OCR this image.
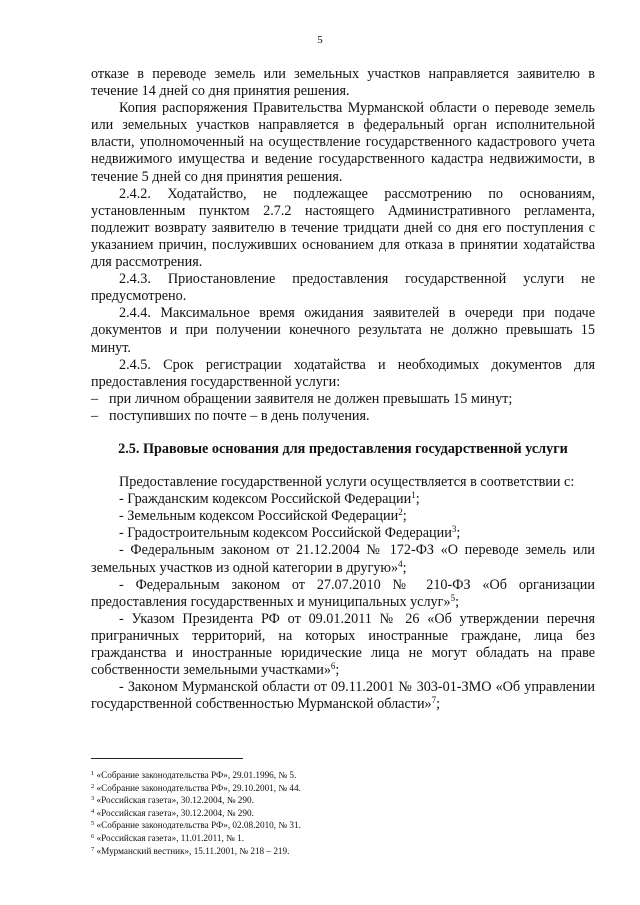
5

отказе в переводе земель или земельных участков направляется заявителю в течение 14 дней со дня принятия решения.

Копия распоряжения Правительства Мурманской области о переводе земель или земельных участков направляется в федеральный орган исполнительной власти, уполномоченный на осуществление государственного кадастрового учета недвижимого имущества и ведение государственного кадастра недвижимости, в течение 5 дней со дня принятия решения.

2.4.2. Ходатайство, не подлежащее рассмотрению по основаниям, установленным пунктом 2.7.2 настоящего Административного регламента, подлежит возврату заявителю в течение тридцати дней со дня его поступления с указанием причин, послуживших основанием для отказа в принятии ходатайства для рассмотрения.

2.4.3. Приостановление предоставления государственной услуги не предусмотрено.

2.4.4. Максимальное время ожидания заявителей в очереди при подаче документов и при получении конечного результата не должно превышать 15 минут.

2.4.5. Срок регистрации ходатайства и необходимых документов для предоставления государственной услуги:

– при личном обращении заявителя не должен превышать 15 минут;

– поступивших по почте – в день получения.

2.5. Правовые основания для предоставления государственной услуги

Предоставление государственной услуги осуществляется в соответствии с:

- Гражданским кодексом Российской Федерации$^1$;

- Земельным кодексом Российской Федерации$^2$;

- Градостроительным кодексом Российской Федерации$^3$;

- Федеральным законом от 21.12.2004 № 172-ФЗ «О переводе земель или земельных участков из одной категории в другую»$^4$;

- Федеральным законом от 27.07.2010 № 210-ФЗ «Об организации предоставления государственных и муниципальных услуг»$^5$;

- Указом Президента РФ от 09.01.2011 № 26 «Об утверждении перечня приграничных территорий, на которых иностранные граждане, лица без гражданства и иностранные юридические лица не могут обладать на праве собственности земельными участками»$^6$;

- Законом Мурманской области от 09.11.2001 № 303-01-ЗМО «Об управлении государственной собственностью Мурманской области»$^7$;

$^1$ «Собрание законодательства РФ», 29.01.1996, № 5.

$^2$ «Собрание законодательства РФ», 29.10.2001, № 44.

$^3$ «Российская газета», 30.12.2004, № 290.

$^4$ «Российская газета», 30.12.2004, № 290.

$^5$ «Собрание законодательства РФ», 02.08.2010, № 31.

$^6$ «Российская газета», 11.01.2011, № 1.

$^7$ «Мурманский вестник», 15.11.2001, № 218 – 219.
